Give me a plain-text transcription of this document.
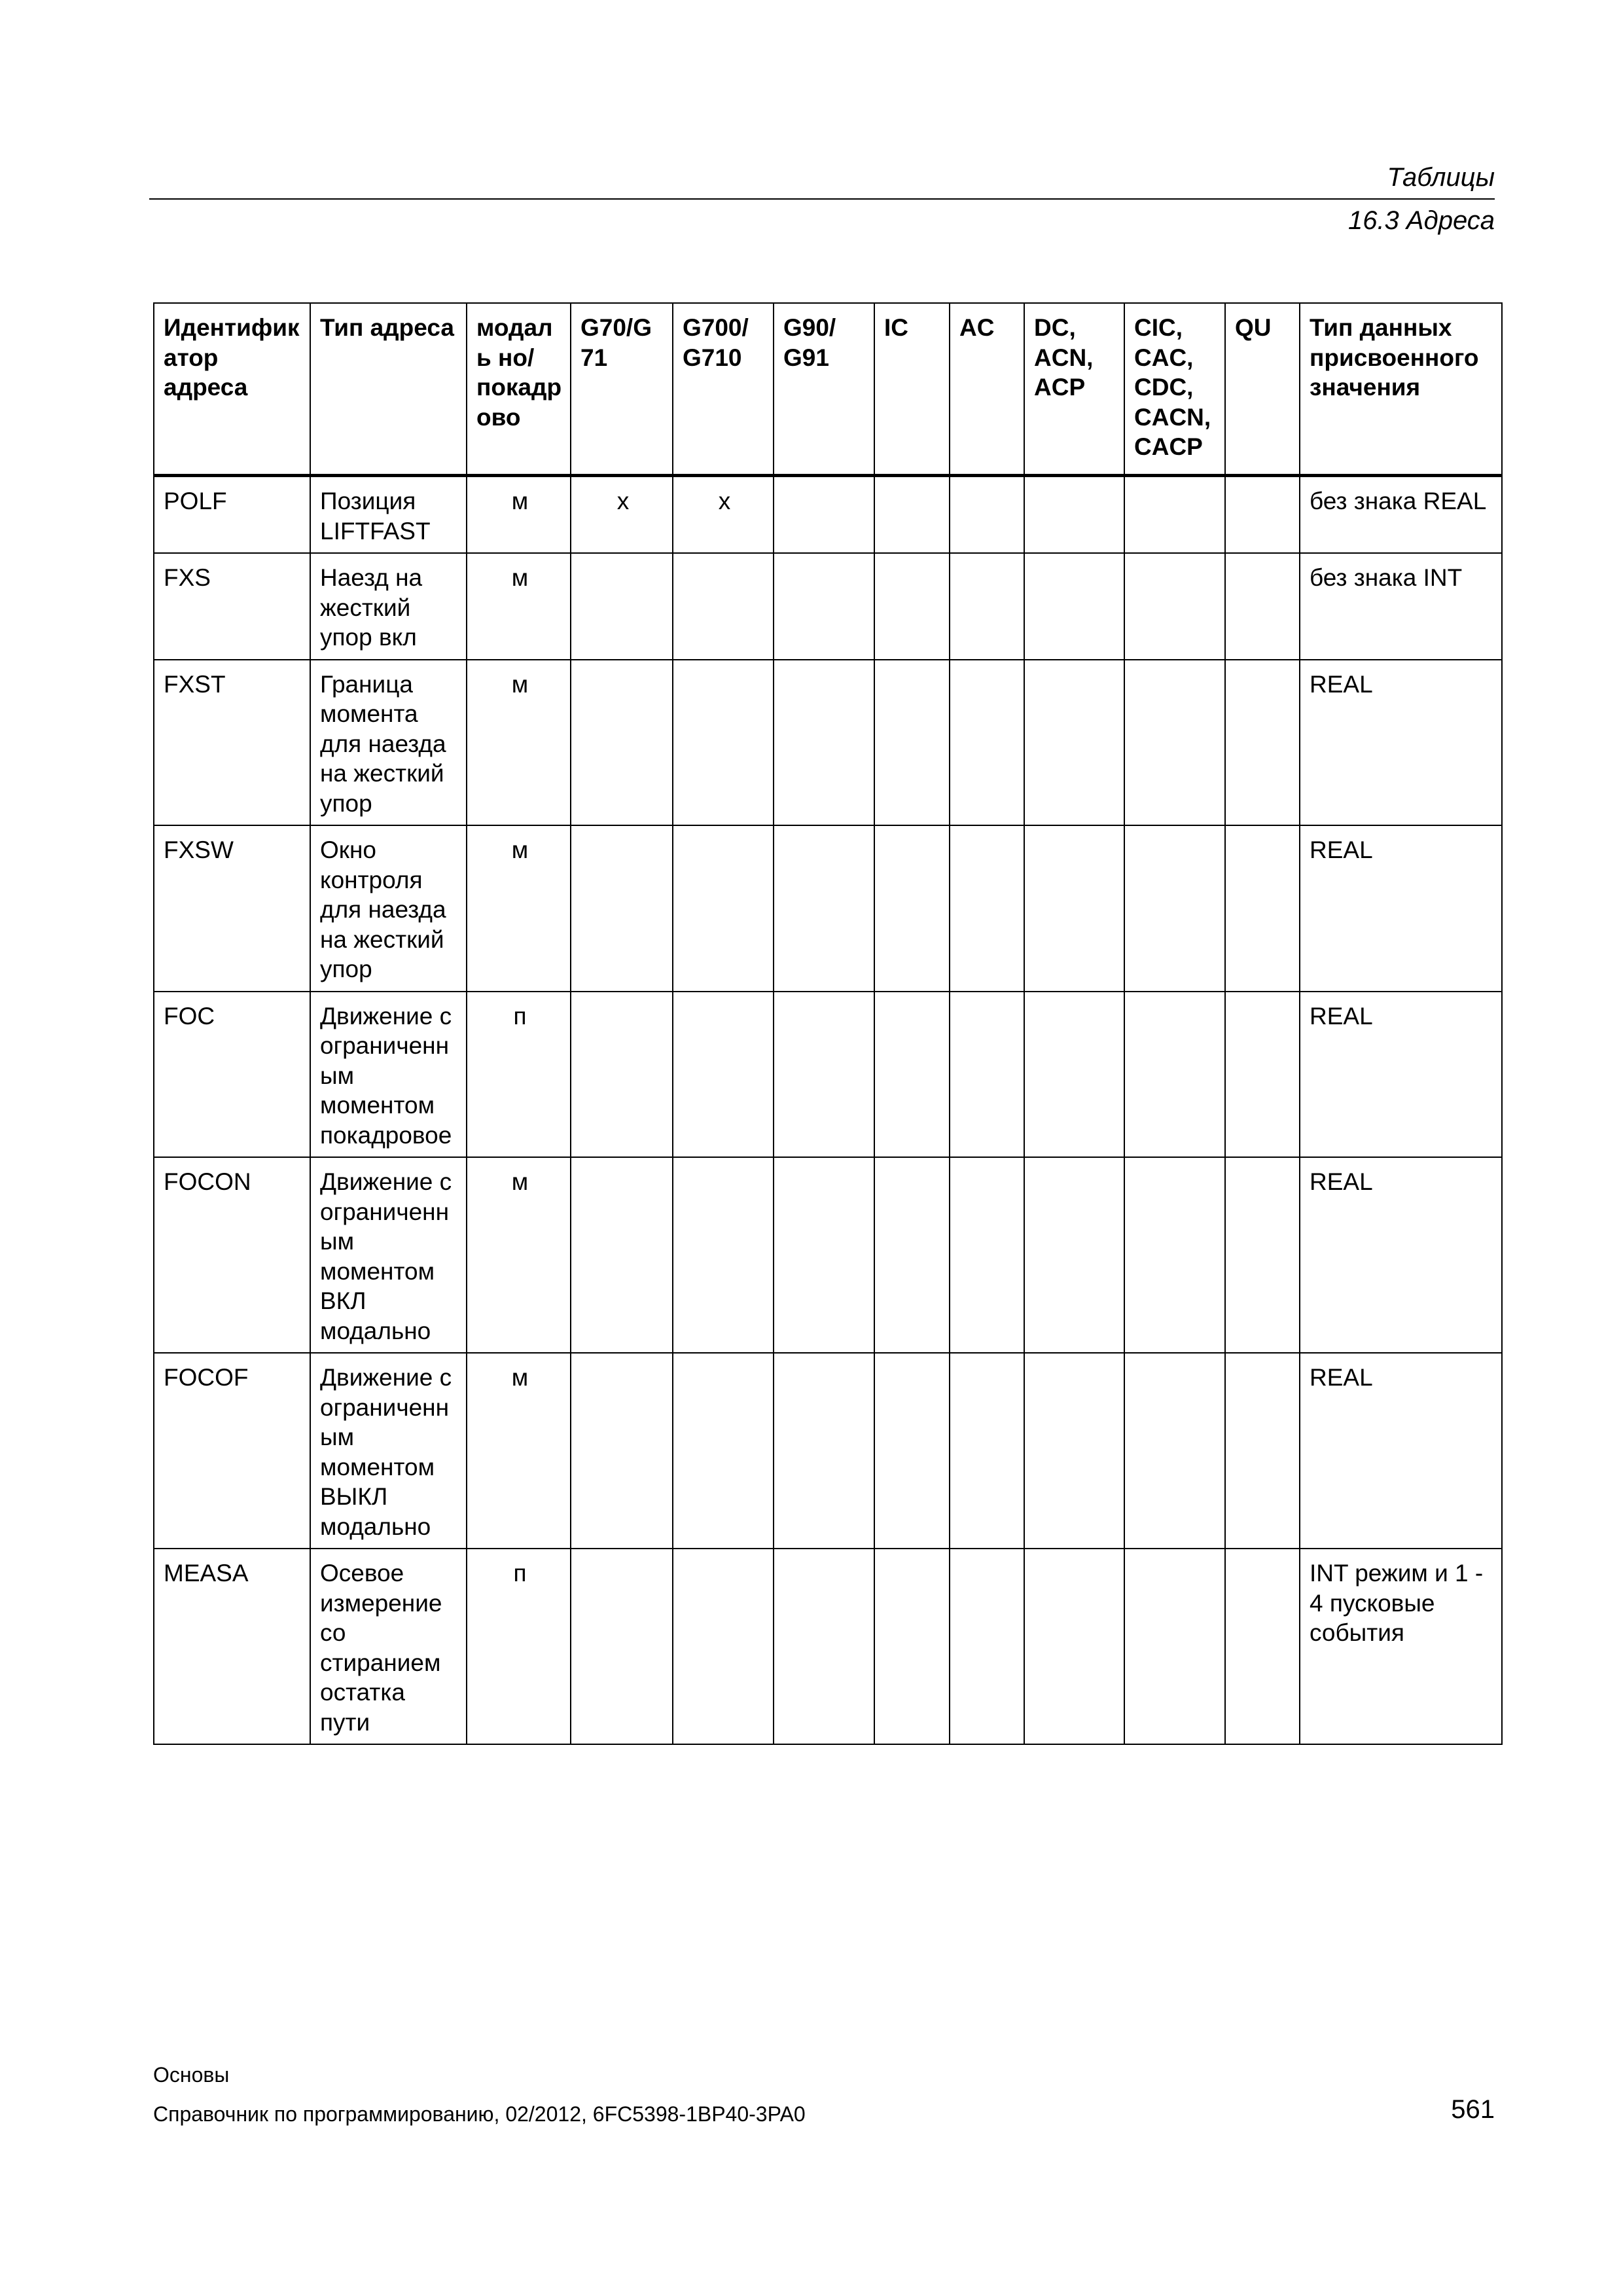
Таблицы
16.3 Адреса
Идентифик атор адреса	Тип адреса	модаль но/ покадр ово	G70/G 71	G700/ G710	G90/ G91	IC	AC	DC, ACN, ACP	CIC, CAC, CDC, CACN, CACP	QU	Тип данных присвоенного значения
POLF	Позиция LIFTFAST	м	x	x							без знака REAL
FXS	Наезд на жесткий упор вкл	м									без знака INT
FXST	Граница момента для наезда на жесткий упор	м									REAL
FXSW	Окно контроля для наезда на жесткий упор	м									REAL
FOC	Движение с ограниченн ым моментом покадровое	п									REAL
FOCON	Движение с ограниченн ым моментом ВКЛ модально	м									REAL
FOCOF	Движение с ограниченн ым моментом ВЫКЛ модально	м									REAL
MEASA	Осевое измерение со стиранием остатка пути	п									INT режим и 1 - 4 пусковые события
Основы
Справочник по программированию, 02/2012, 6FC5398-1BP40-3PA0	561
